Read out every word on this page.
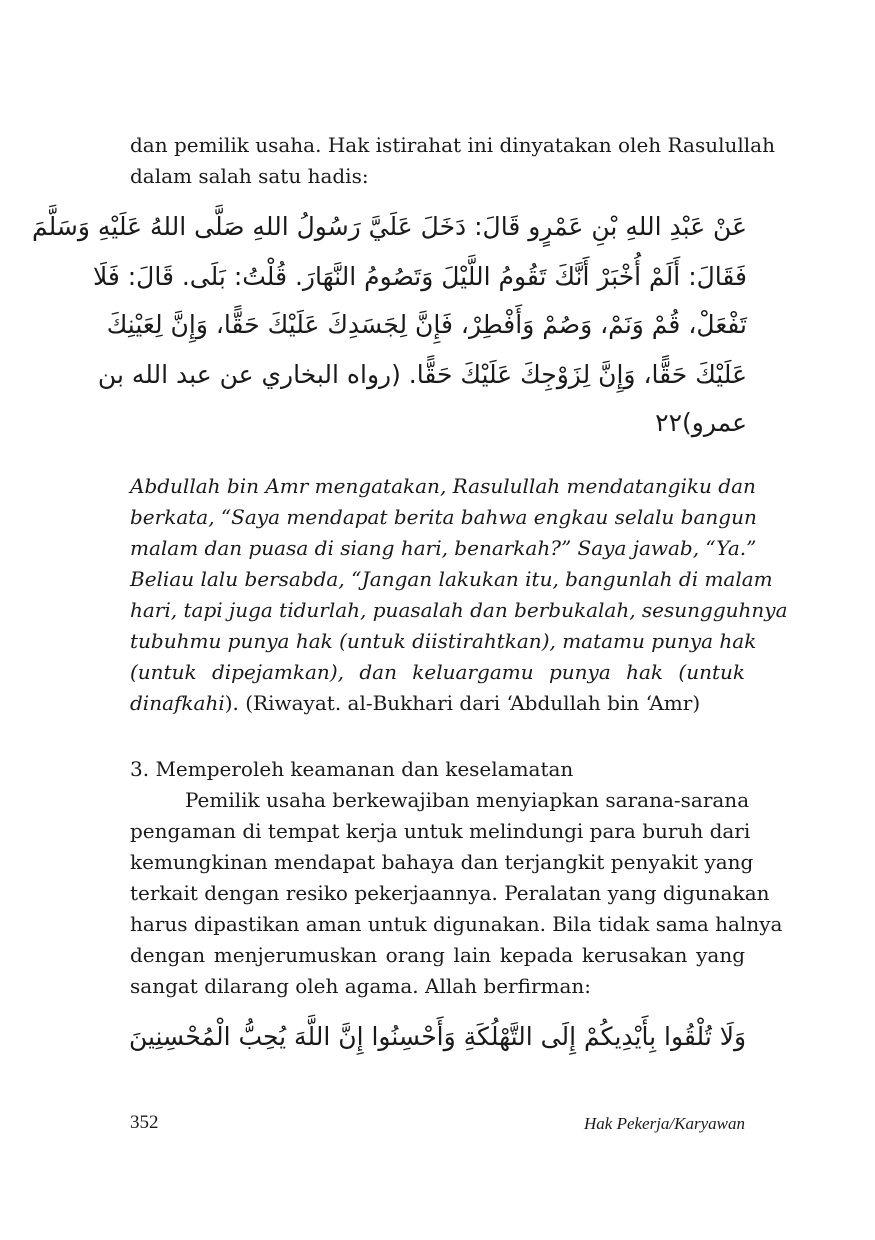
dan pemilik usaha. Hak istirahat ini dinyatakan oleh Rasulullah
dalam salah satu hadis:
عَنْ عَبْدِ اللهِ بْنِ عَمْرٍو قَالَ: دَخَلَ عَلَيَّ رَسُولُ اللهِ صَلَّى اللهُ عَلَيْهِ وَسَلَّمَ
فَقَالَ: أَلَمْ أُخْبَرْ أَنَّكَ تَقُومُ اللَّيْلَ وَتَصُومُ النَّهَارَ. قُلْتُ: بَلَى. قَالَ: فَلَا
تَفْعَلْ، قُمْ وَنَمْ، وَصُمْ وَأَفْطِرْ، فَإِنَّ لِجَسَدِكَ عَلَيْكَ حَقًّا، وَإِنَّ لِعَيْنِكَ
عَلَيْكَ حَقًّا، وَإِنَّ لِزَوْجِكَ عَلَيْكَ حَقًّا. (رواه البخاري عن عبد الله بن
عمرو)٢٢
Abdullah bin Amr mengatakan, Rasulullah mendatangiku dan
berkata, “Saya mendapat berita bahwa engkau selalu bangun
malam dan puasa di siang hari, benarkah?” Saya jawab, “Ya.”
Beliau lalu bersabda, “Jangan lakukan itu, bangunlah di malam
hari, tapi juga tidurlah, puasalah dan berbukalah, sesungguhnya
tubuhmu punya hak (untuk diistirahtkan), matamu punya hak
(untuk dipejamkan), dan keluargamu punya hak (untuk
dinafkahi). (Riwayat. al-Bukhari dari ‘Abdullah bin ‘Amr)
3. Memperoleh keamanan dan keselamatan
Pemilik usaha berkewajiban menyiapkan sarana-sarana
pengaman di tempat kerja untuk melindungi para buruh dari
kemungkinan mendapat bahaya dan terjangkit penyakit yang
terkait dengan resiko pekerjaannya. Peralatan yang digunakan
harus dipastikan aman untuk digunakan. Bila tidak sama halnya
dengan menjerumuskan orang lain kepada kerusakan yang
sangat dilarang oleh agama. Allah berfirman:
وَلَا تُلْقُوا بِأَيْدِيكُمْ إِلَى التَّهْلُكَةِ وَأَحْسِنُوا إِنَّ اللَّهَ يُحِبُّ الْمُحْسِنِينَ
352	Hak Pekerja/Karyawan
